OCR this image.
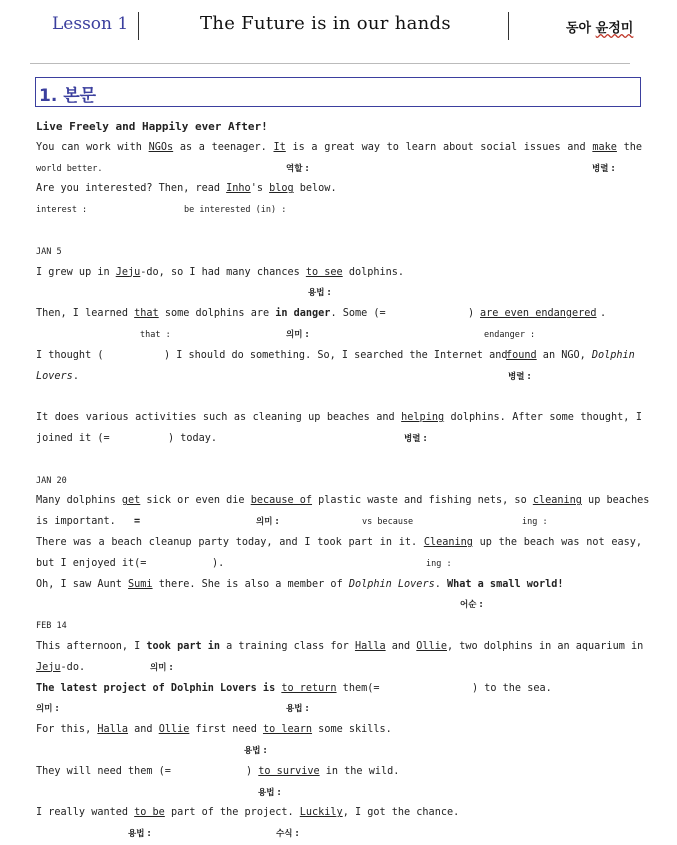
Lesson 1	The Future is in our hands	동아 윤정미
1. 본문
Live Freely and Happily ever After!
You can work with NGOs as a teenager. It is a great way to learn about social issues and make the
world better.	역할 :	병렬 :
Are you interested? Then, read Inho's blog below.
interest :	be interested (in) :
JAN 5
I grew up in Jeju-do, so I had many chances to see dolphins.
용법 :
Then, I learned that some dolphins are in danger. Some (=	) are even endangered .
that :	의미 :	endanger :
I thought (	) I should do something. So, I searched the Internet and
found an NGO, Dolphin
Lovers.	병렬 :
It does various activities such as cleaning up beaches and helping dolphins. After some thought, I
joined it (=	) today.	병렬 :
JAN 20
Many dolphins get sick or even die because of plastic waste and fishing nets, so cleaning up beaches
is important. =	의미 :	vs because	ing :
There was a beach cleanup party today, and I took part in it. Cleaning up the beach was not easy,
but I enjoyed it(=	).	ing :
Oh, I saw Aunt Sumi there. She is also a member of Dolphin Lovers. What a small world!
어순 :
FEB 14
This afternoon, I took part in a training class for Halla and Ollie, two dolphins in an aquarium in
Jeju-do.	의미 :
The latest project of Dolphin Lovers is to return them(=	) to the sea.
의미 :	용법 :
For this, Halla and Ollie first need to learn some skills.
용법 :
They will need them (=	) to survive in the wild.
용법 :
I really wanted to be part of the project. Luckily, I got the chance.
용법 :	수식 :
